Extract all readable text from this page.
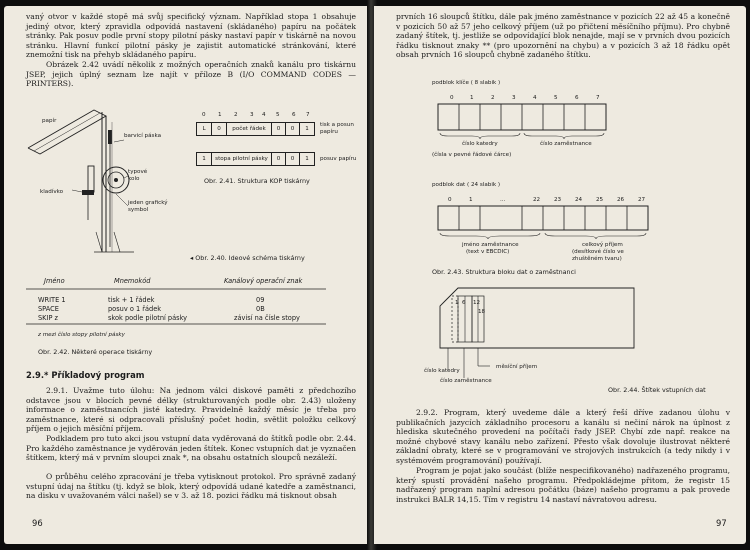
vaný otvor v každé stopě má svůj specifický význam. Například stopa 1 obsahuje jediný otvor, který zpravidla odpovídá nastavení (skládaného) papíru na počátek stránky. Pak posuv podle první stopy pilotní pásky nastaví papír v tiskárně na novou stránku. Hlavní funkcí pilotní pásky je zajistit automatické stránkování, které znemožní tisk na přehyb skládaného papíru.

Obrázek 2.42 uvádí několik z možných operačních znaků kanálu pro tiskárnu JSEP, jejich úplný seznam lze najít v příloze B (I/O COMMAND CODES — PRINTERS).

papír
barvicí páska
typové kolo
kladívko
jeden grafický symbol
◂ Obr. 2.40. Ideové schéma tiskárny
0 1 2 3 4 5 6 7
L	0	počet řádek	0	0	1
tisk a posun papíru
1	stopa pilotní pásky	0	0	1	posuv papíru
Obr. 2.41. Struktura KOP tiskárny
Jméno	Mnemokód	Kanálový operační znak
WRITE 1	tisk + 1 řádek	09
SPACE	posuv o 1 řádek	0B
SKIP z	skok podle pilotní pásky	závisí na čísle stopy
z mezi číslo stopy pilotní pásky
Obr. 2.42. Některé operace tiskárny
2.9.* Příkladový program

2.9.1. Uvažme tuto úlohu: Na jednom válci diskové paměti z předchozího odstavce jsou v blocích pevné délky (strukturovaných podle obr. 2.43) uloženy informace o zaměstnancích jisté katedry. Pravidelně každý měsíc je třeba pro zaměstnance, které si odpracovali příslušný počet hodin, světlit položku celkový příjem o jejich měsíční příjem.

Podkladem pro tuto akci jsou vstupní data vyděrovaná do štítků podle obr. 2.44. Pro každého zaměstnance je vyděrován jeden štítek. Konec vstupních dat je vyznačen štítkem, který má v prvním sloupci znak *, na obsahu ostatních sloupců nezáleží.

O průběhu celého zpracování je třeba vytisknout protokol. Pro správně zadaný vstupní údaj na štítku (tj. když se blok, který odpovídá udané katedře a zaměstnanci, na disku v uvažovaném válci našel) se v 3. až 18. pozici řádku má tisknout obsah

96

prvních 16 sloupců štítku, dále pak jméno zaměstnance v pozicích 22 až 45 a konečně v pozicích 50 až 57 jeho celkový příjem (už po přičtení měsíčního příjmu). Pro chybně zadaný štítek, tj. jestliže se odpovídající blok nenajde, mají se v prvních dvou pozicích řádku tisknout znaky ** (pro upozornění na chybu) a v pozicích 3 až 18 řádku opět obsah prvních 16 sloupců chybně zadaného štítku.

podblok klíče ( 8 slabik )
0	1	2	3	4	5	6	7
číslo katedry	číslo zaměstnance
(čísla v pevné řádové čárce)
podblok dat ( 24 slabik )
0	1	...	22 23 24 25 26 27
jméno zaměstnance
(text v EBCDIC)
celkový příjem
(desítkové číslo ve zhuštěném tvaru)
Obr. 2.43. Struktura bloku dat o zaměstnanci
1 6 12
18
číslo katedry
číslo zaměstnance
měsíční příjem
Obr. 2.44. Štítek vstupních dat

2.9.2. Program, který uvedeme dále a který řeší dříve zadanou úlohu v publikačních jazycích základního procesoru a kanálu si nečiní nárok na úplnost z hlediska skutečného provedení na počítači řady JSEP. Chybí zde např. reakce na možné chybové stavy kanálu nebo zařízení. Přesto však dovoluje ilustrovat některé základní obraty, které se v programování ve strojových instrukcích (a tedy nikdy i v systémovém programování) používají.

Program je pojat jako součást (blíže nespecifikovaného) nadřazeného programu, který spustí provádění našeho programu. Předpokládejme přitom, že registr 15 nadřazený program naplní adresou počátku (báze) našeho programu a pak provede instrukci BALR 14,15. Tím v registru 14 nastaví návratovou adresu.

97
